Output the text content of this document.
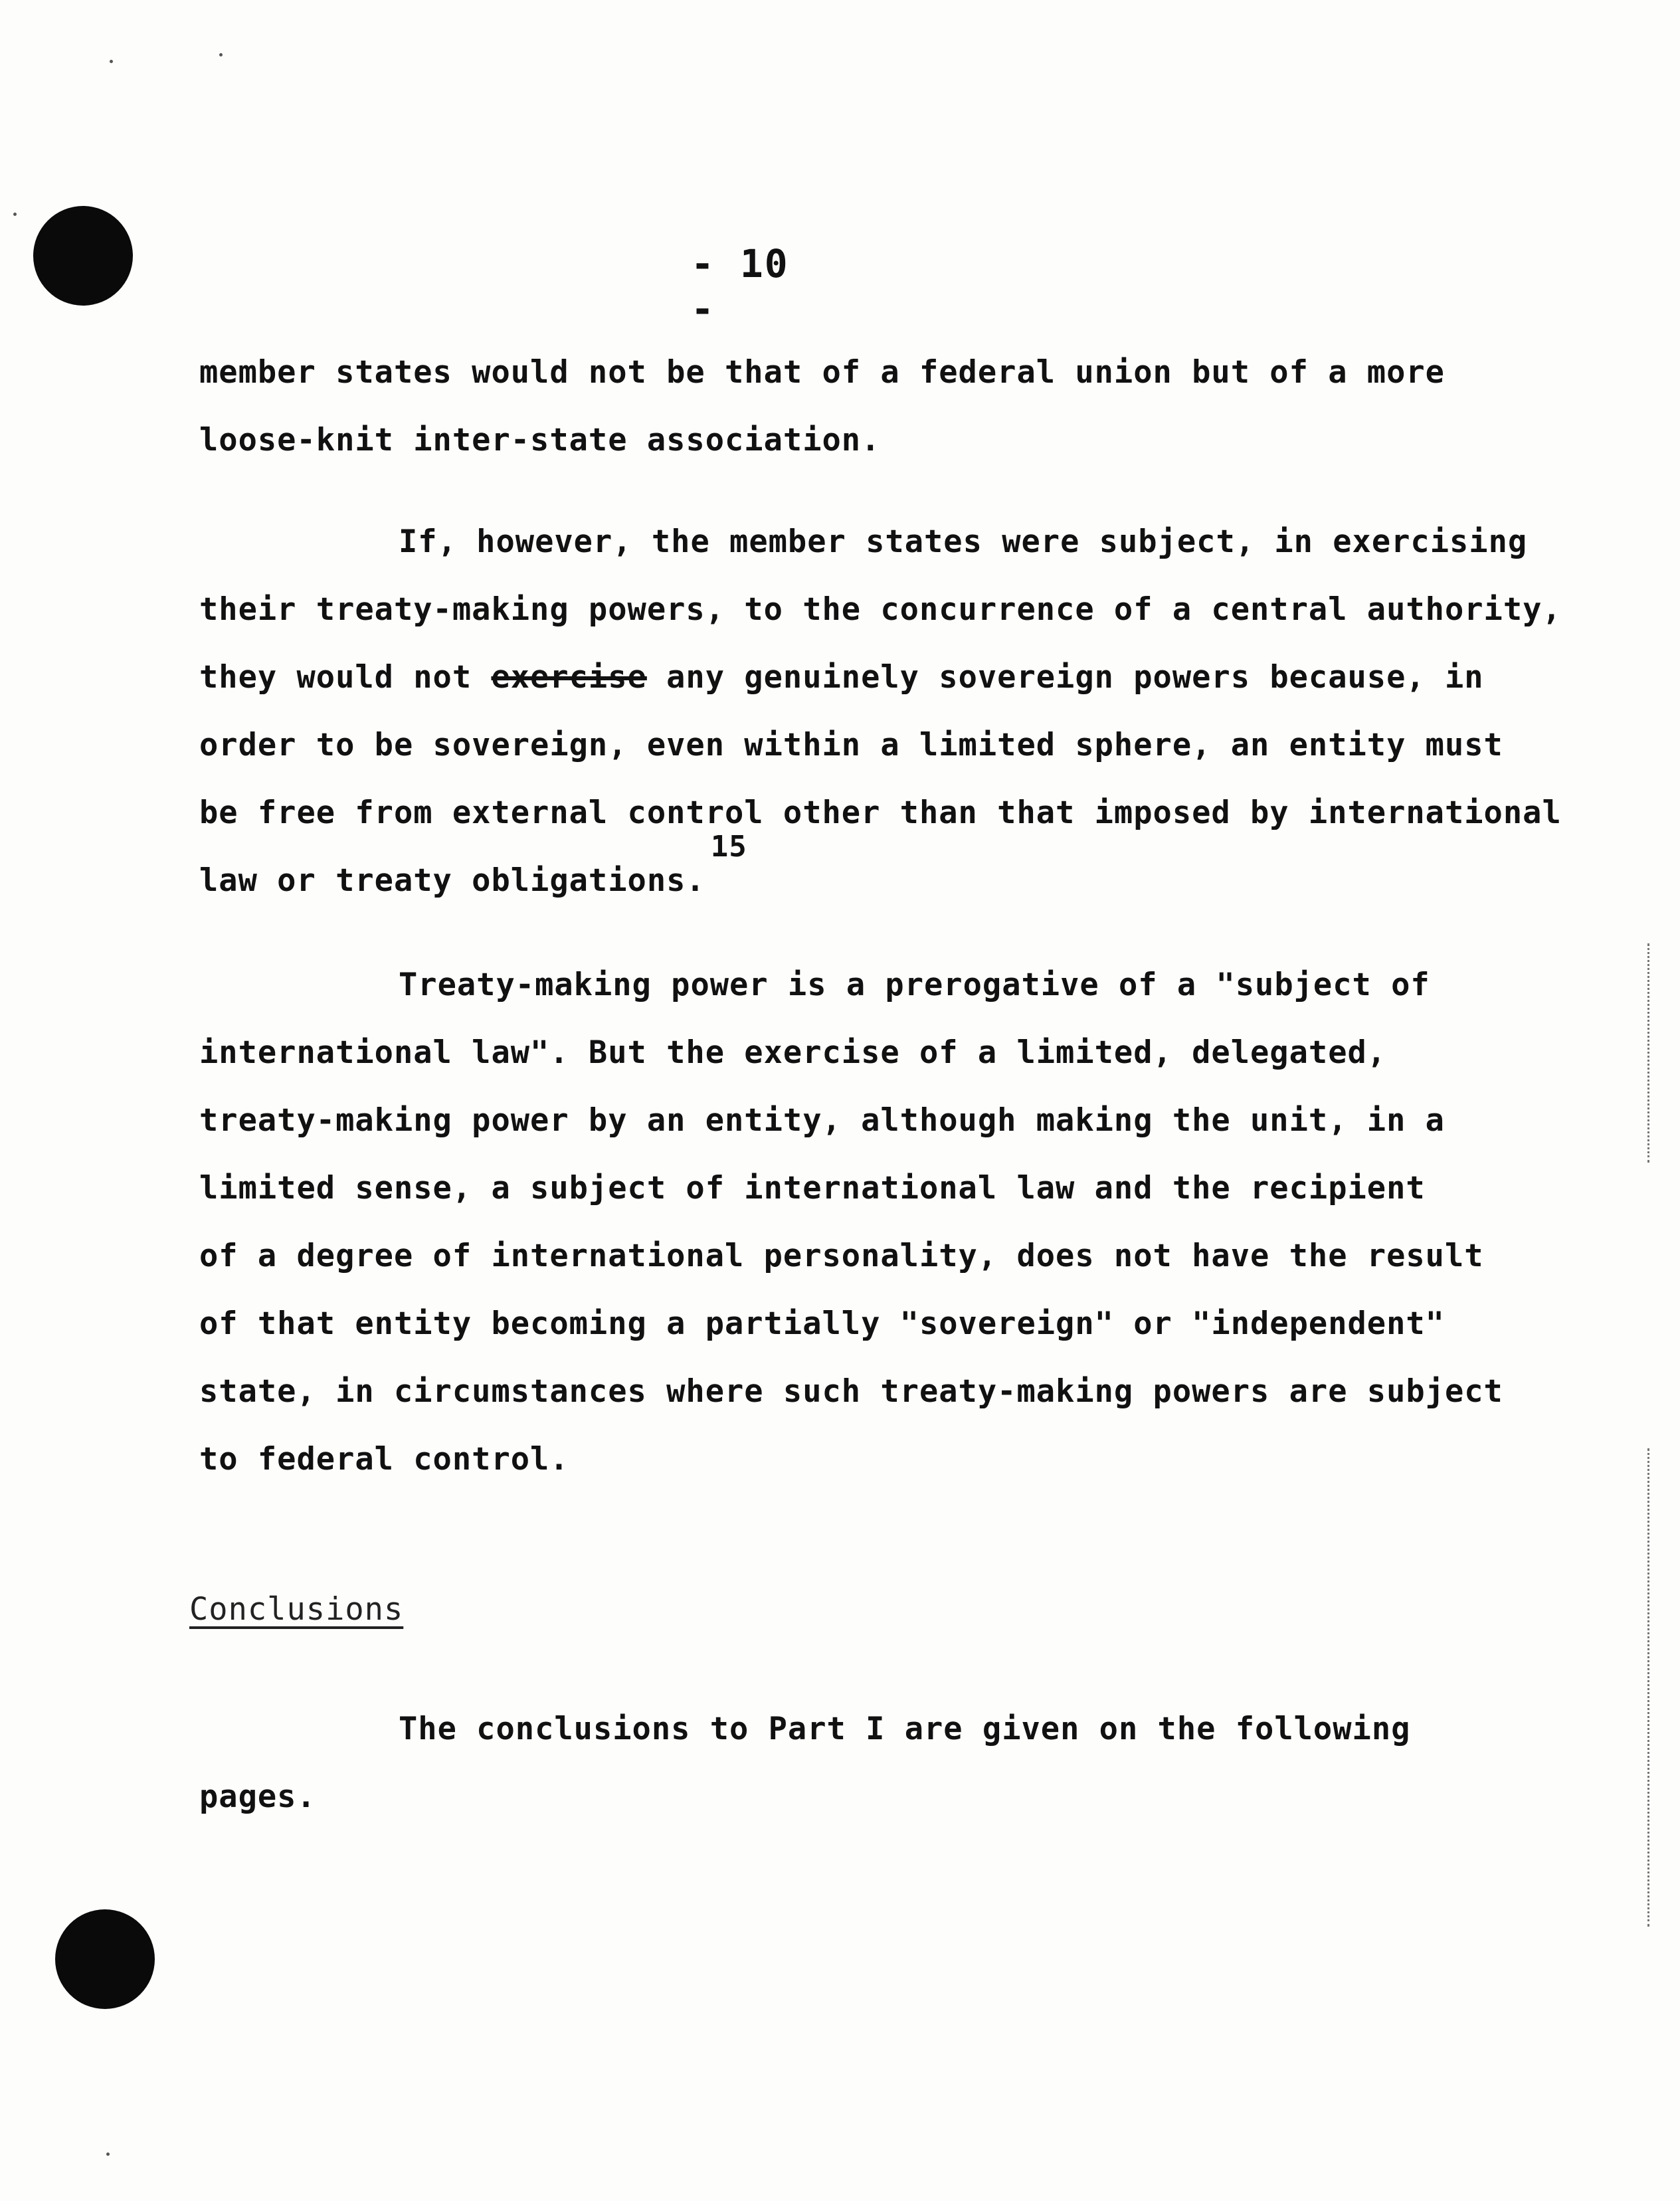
- 10 -
member states would not be that of a federal union but of a more
loose-knit inter-state association.
If, however, the member states were subject, in exercising
their treaty-making powers, to the concurrence of a central authority,
they would not exercise any genuinely sovereign powers because, in
order to be sovereign, even within a limited sphere, an entity must
be free from external control other than that imposed by international
law or treaty obligations.15
Treaty-making power is a prerogative of a "subject of
international law". But the exercise of a limited, delegated,
treaty-making power by an entity, although making the unit, in a
limited sense, a subject of international law and the recipient
of a degree of international personality, does not have the result
of that entity becoming a partially "sovereign" or "independent"
state, in circumstances where such treaty-making powers are subject
to federal control.
Conclusions
The conclusions to Part I are given on the following
pages.
